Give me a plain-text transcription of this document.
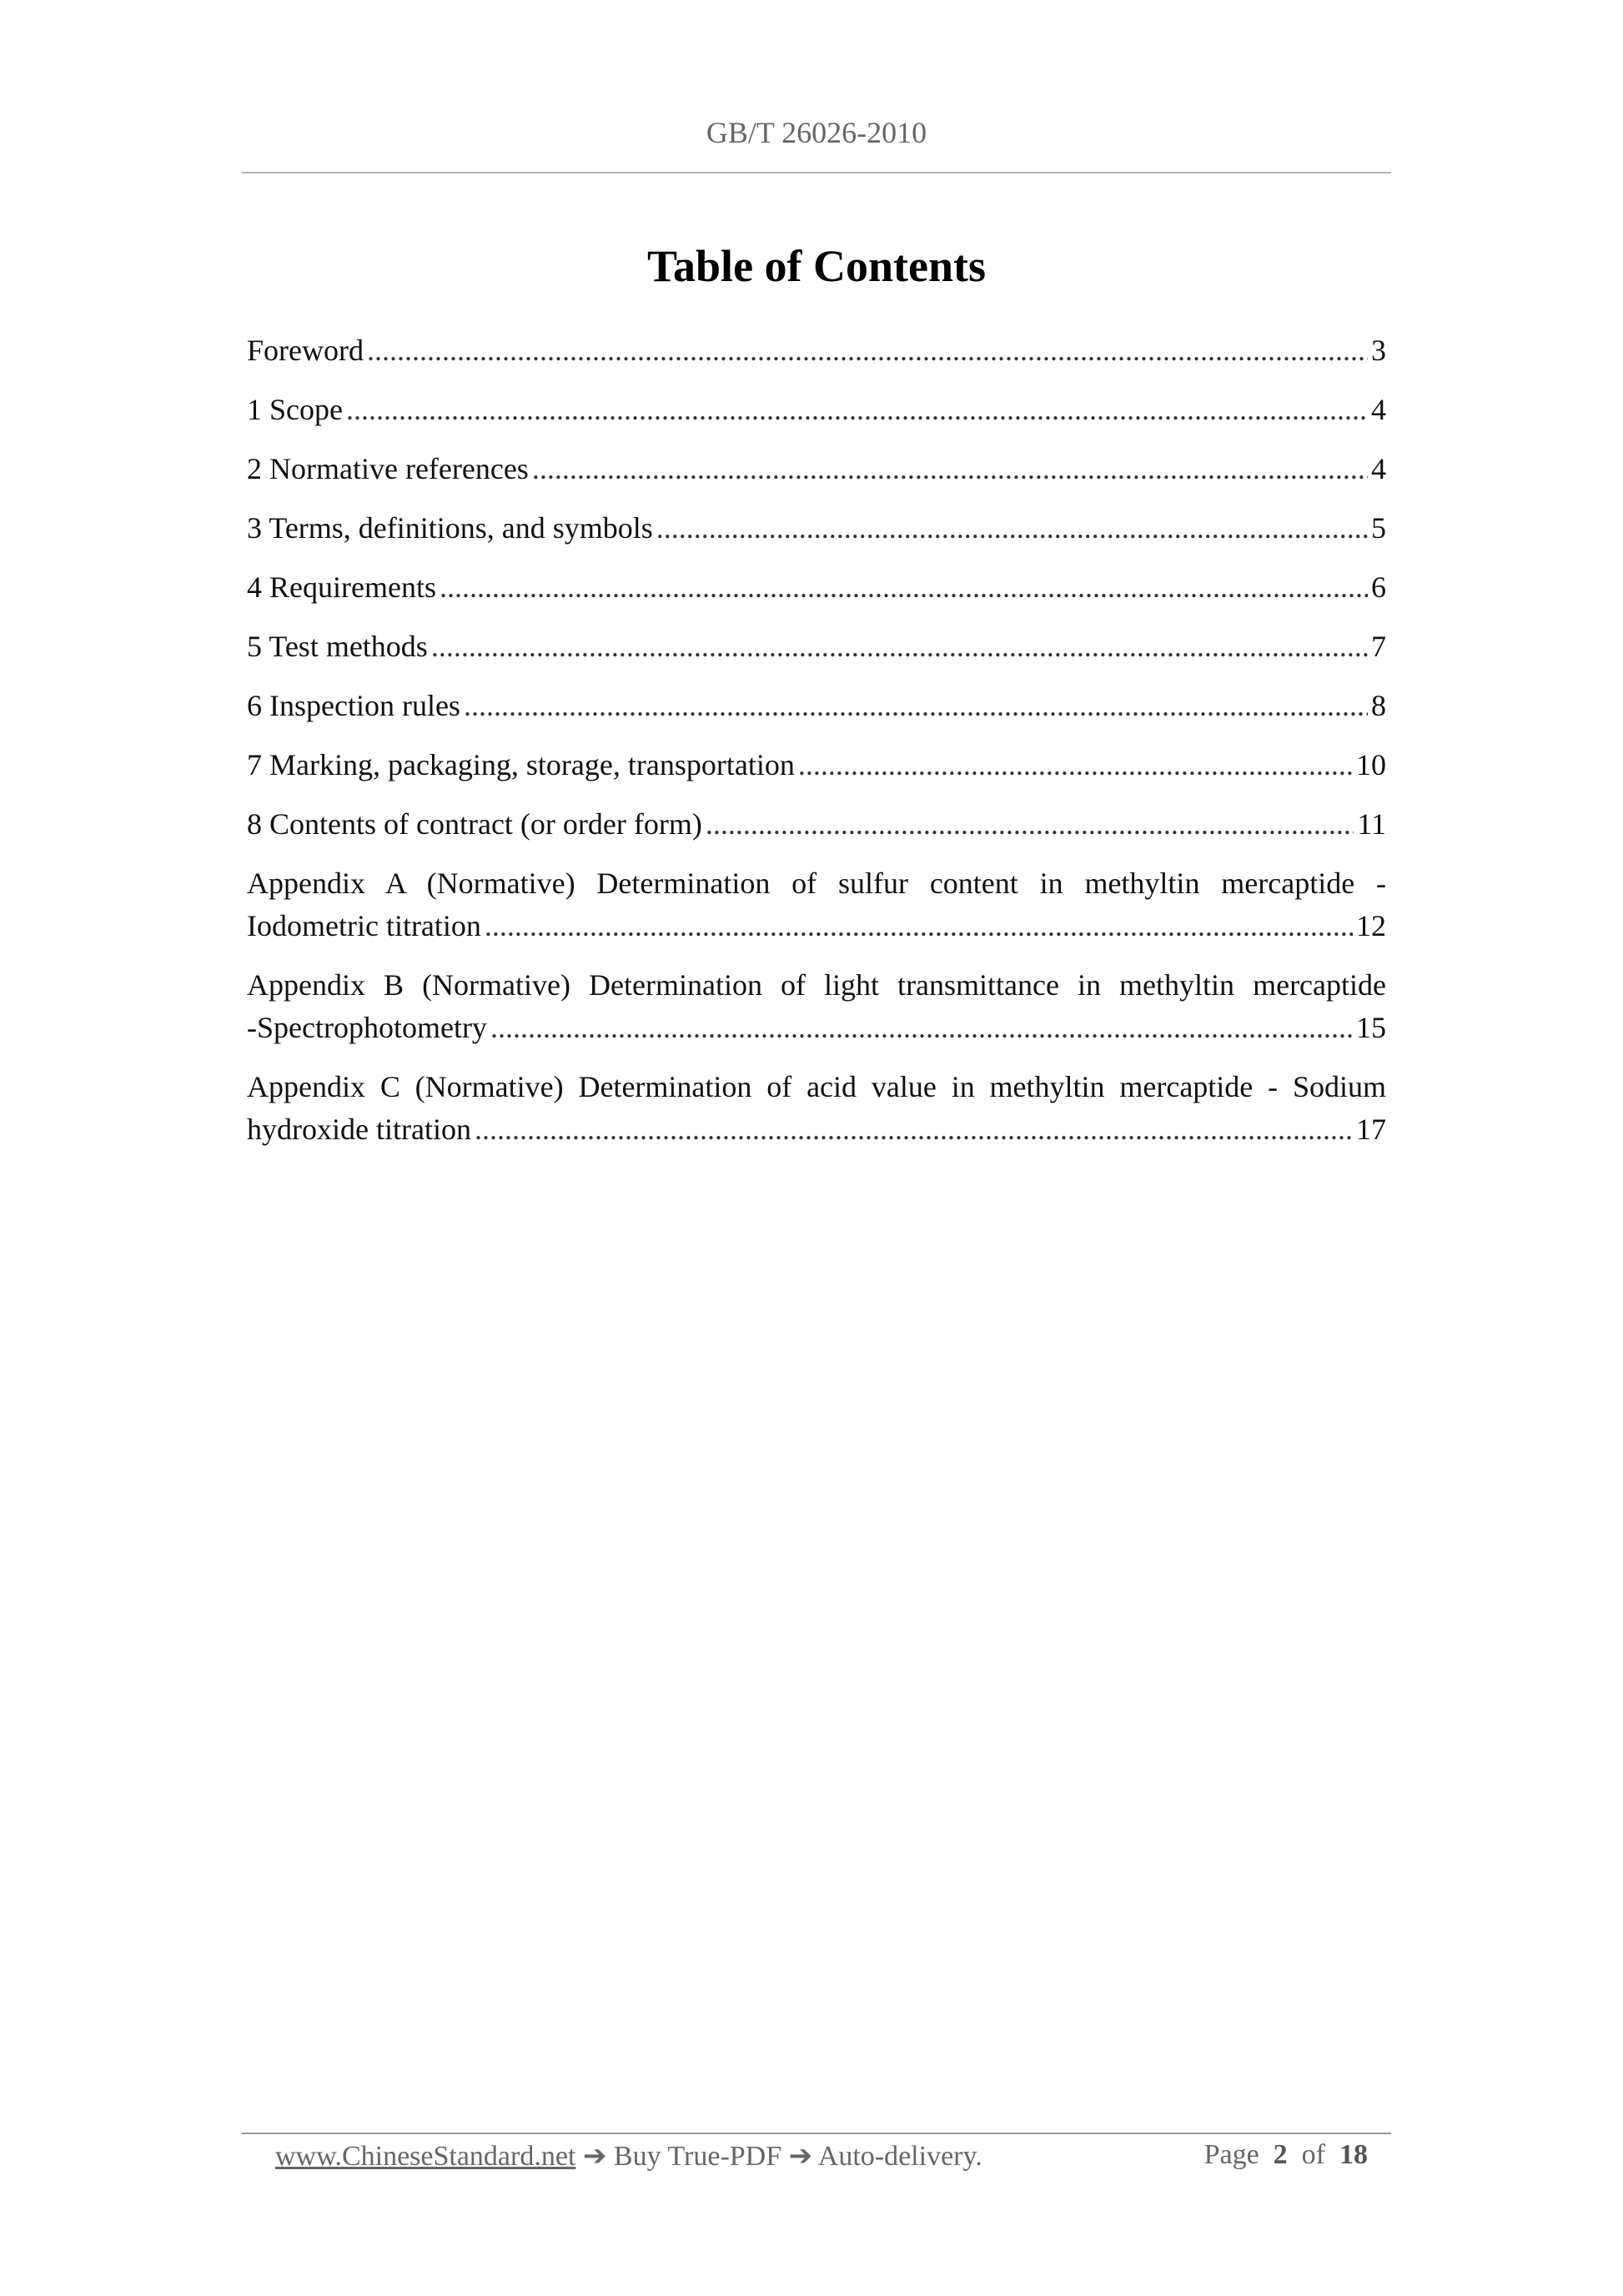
GB/T 26026-2010
Table of Contents
Foreword .....	3
1 Scope .....	4
2 Normative references .....	4
3 Terms, definitions, and symbols .....	5
4 Requirements .....	6
5 Test methods .....	7
6 Inspection rules .....	8
7 Marking, packaging, storage, transportation .....	10
8 Contents of contract (or order form) .....	11
Appendix A (Normative) Determination of sulfur content in methyltin mercaptide -
Iodometric titration .....	12
Appendix B (Normative) Determination of light transmittance in methyltin mercaptide
-Spectrophotometry .....	15
Appendix C (Normative) Determination of acid value in methyltin mercaptide - Sodium
hydroxide titration .....	17
www.ChineseStandard.net ➔ Buy True-PDF ➔ Auto-delivery.	Page 2 of 18
